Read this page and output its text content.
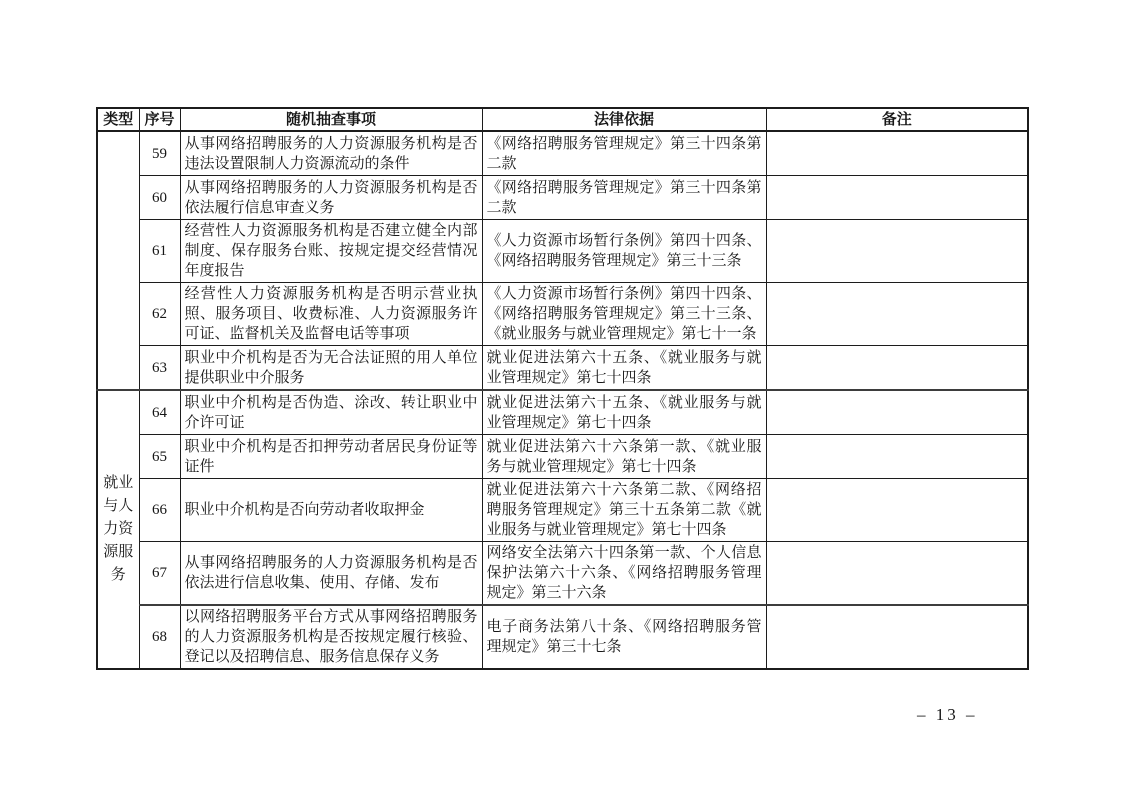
类型	序号	随机抽查事项	法律依据	备注
	59	从事网络招聘服务的人力资源服务机构是否违法设置限制人力资源流动的条件	《网络招聘服务管理规定》第三十四条第二款	
	60	从事网络招聘服务的人力资源服务机构是否依法履行信息审查义务	《网络招聘服务管理规定》第三十四条第二款	
	61	经营性人力资源服务机构是否建立健全内部制度、保存服务台账、按规定提交经营情况年度报告	《人力资源市场暂行条例》第四十四条、《网络招聘服务管理规定》第三十三条	
	62	经营性人力资源服务机构是否明示营业执照、服务项目、收费标准、人力资源服务许可证、监督机关及监督电话等事项	《人力资源市场暂行条例》第四十四条、《网络招聘服务管理规定》第三十三条、《就业服务与就业管理规定》第七十一条	
	63	职业中介机构是否为无合法证照的用人单位提供职业中介服务	就业促进法第六十五条、《就业服务与就业管理规定》第七十四条	
就业与人力资源服务	64	职业中介机构是否伪造、涂改、转让职业中介许可证	就业促进法第六十五条、《就业服务与就业管理规定》第七十四条	
	65	职业中介机构是否扣押劳动者居民身份证等证件	就业促进法第六十六条第一款、《就业服务与就业管理规定》第七十四条	
	66	职业中介机构是否向劳动者收取押金	就业促进法第六十六条第二款、《网络招聘服务管理规定》第三十五条第二款《就业服务与就业管理规定》第七十四条	
	67	从事网络招聘服务的人力资源服务机构是否依法进行信息收集、使用、存储、发布	网络安全法第六十四条第一款、个人信息保护法第六十六条、《网络招聘服务管理规定》第三十六条	
	68	以网络招聘服务平台方式从事网络招聘服务的人力资源服务机构是否按规定履行核验、登记以及招聘信息、服务信息保存义务	电子商务法第八十条、《网络招聘服务管理规定》第三十七条	
– 13 –
